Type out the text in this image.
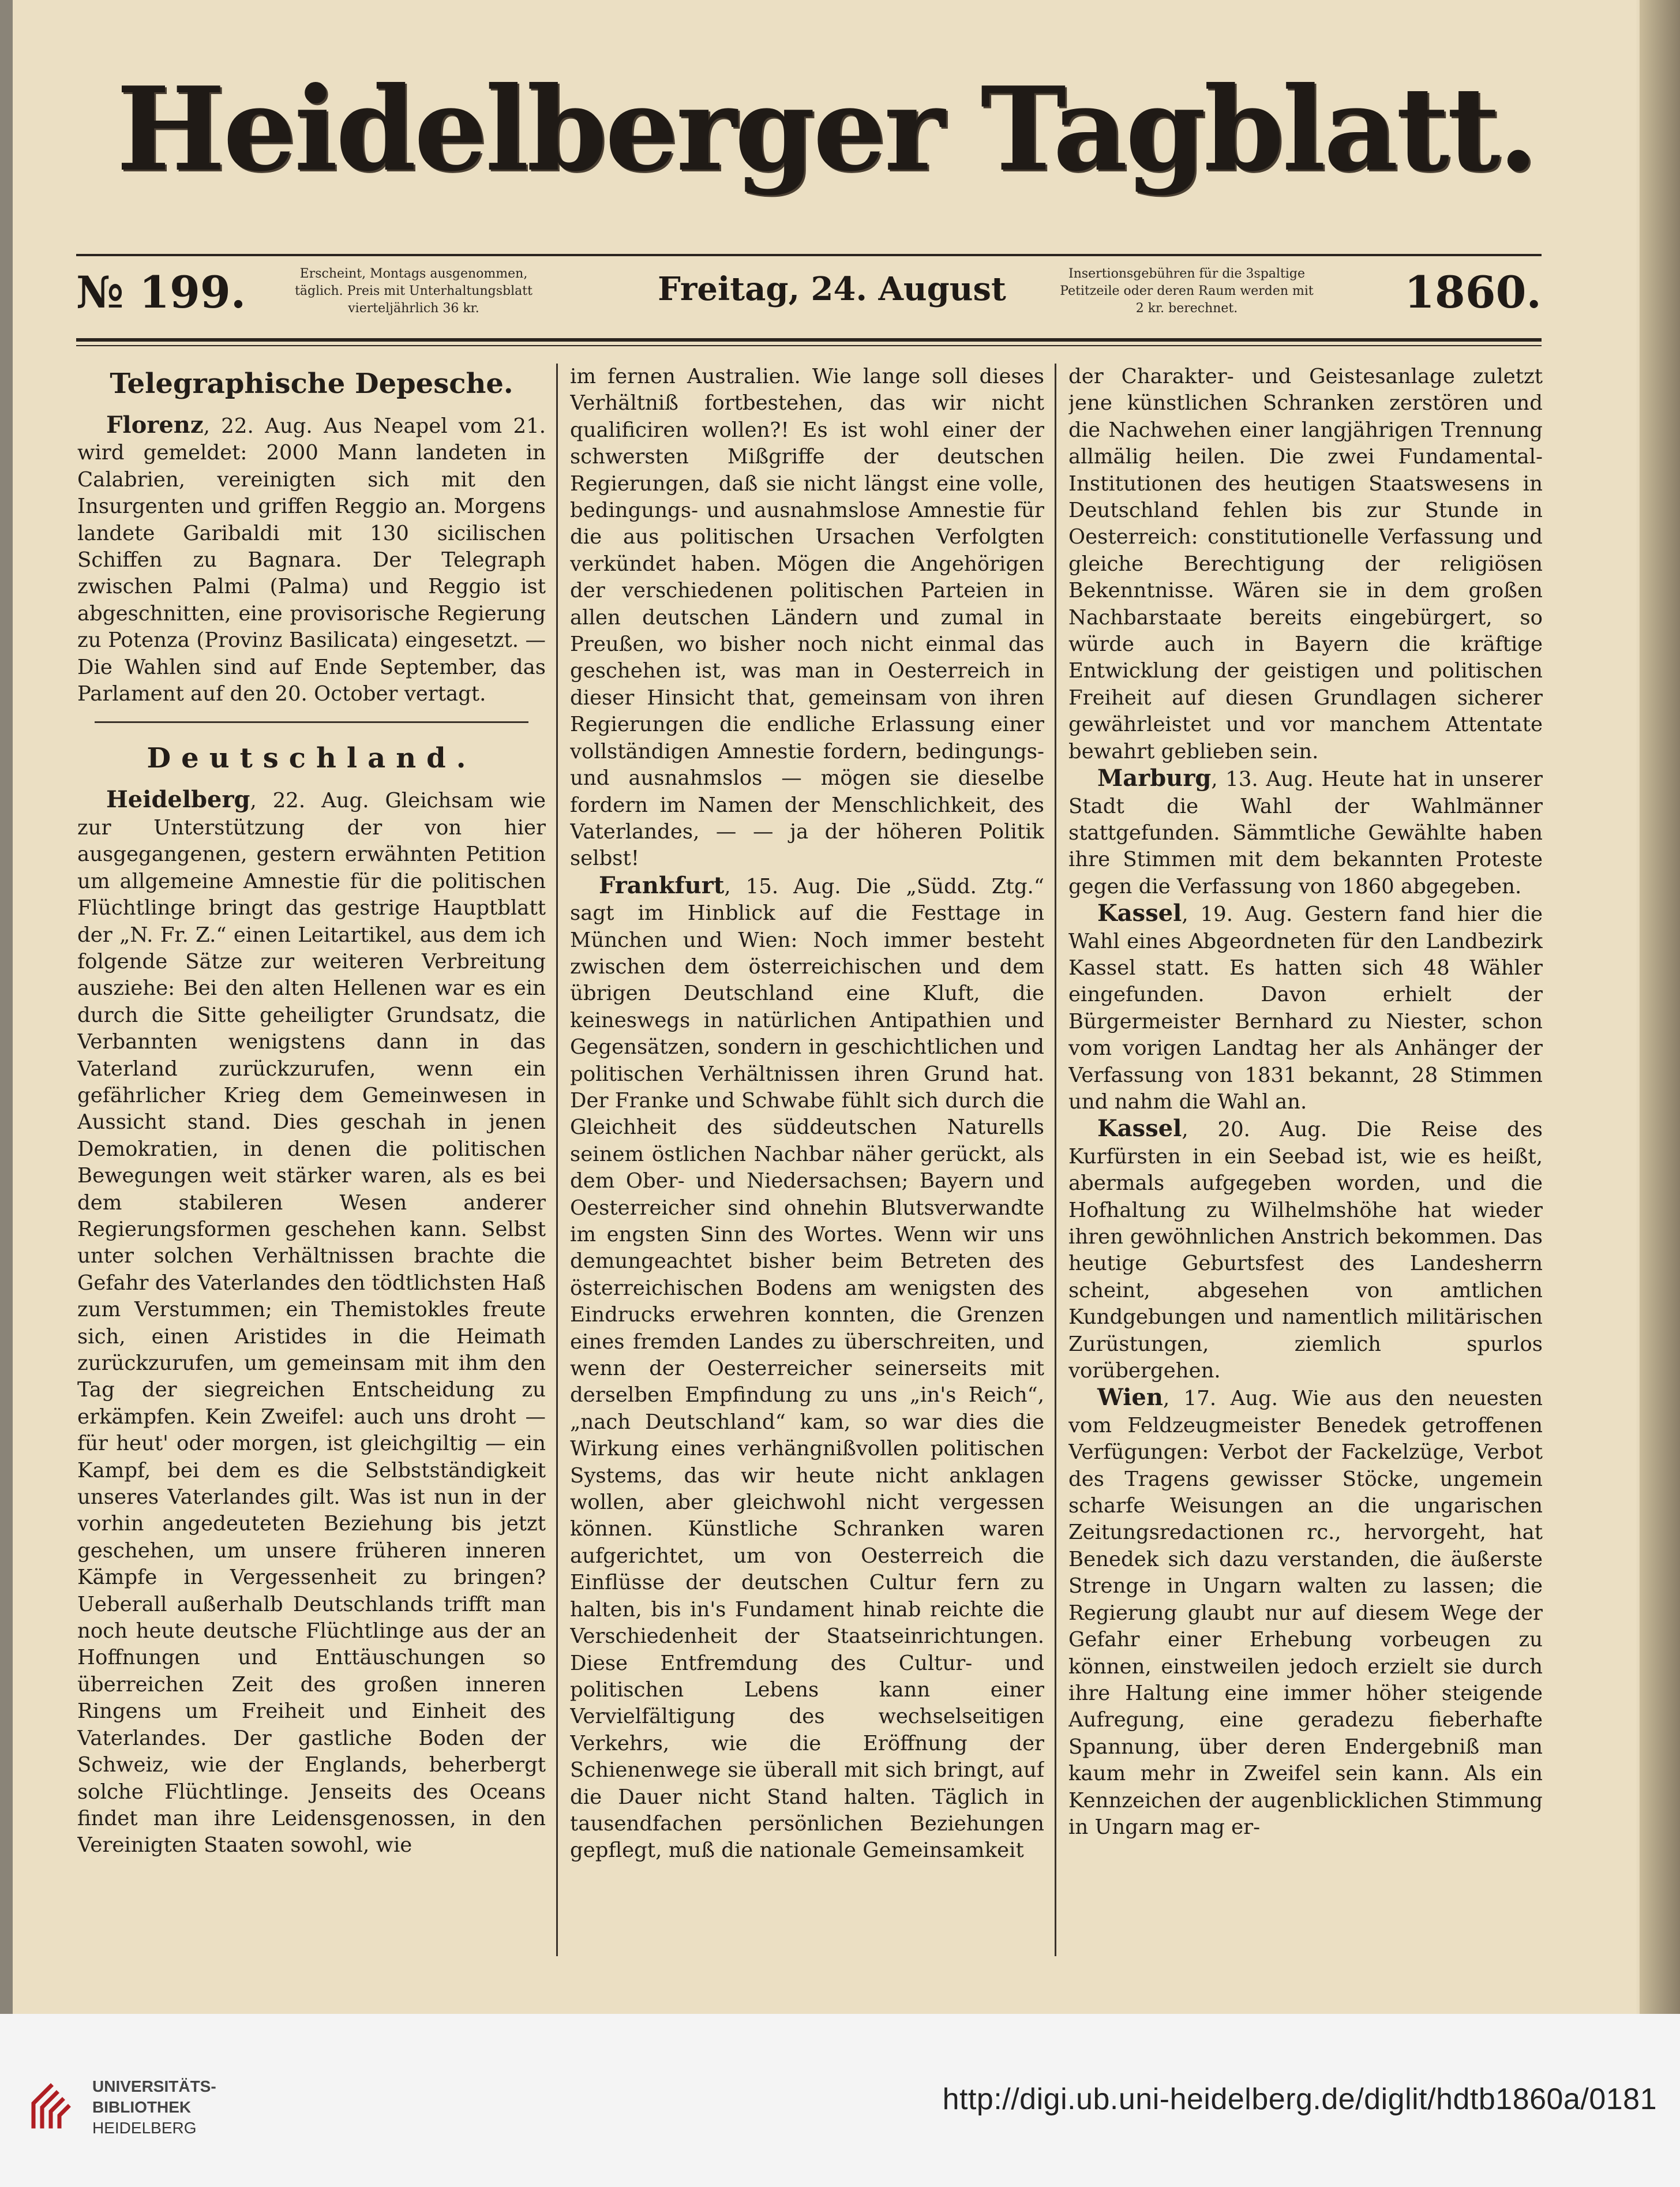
Heidelberger Tagblatt.
№ 199.	Erscheint, Montags ausgenommen, täglich. Preis mit Unterhaltungsblatt vierteljährlich 36 kr.
Freitag, 24. August	Insertionsgebühren für die 3spaltige Petitzeile oder deren Raum werden mit 2 kr. berechnet.	1860.
Telegraphische Depesche.

Florenz, 22. Aug. Aus Neapel vom 21. wird gemeldet: 2000 Mann landeten in Calabrien, vereinigten sich mit den Insurgenten und griffen Reggio an. Morgens landete Garibaldi mit 130 sicilischen Schiffen zu Bagnara. Der Telegraph zwischen Palmi (Palma) und Reggio ist abgeschnitten, eine provisorische Regierung zu Potenza (Provinz Basilicata) eingesetzt. — Die Wahlen sind auf Ende September, das Parlament auf den 20. October vertagt.

Deutschland.

Heidelberg, 22. Aug. Gleichsam wie zur Unterstützung der von hier ausgegangenen, gestern erwähnten Petition um allgemeine Amnestie für die politischen Flüchtlinge bringt das gestrige Hauptblatt der „N. Fr. Z.“ einen Leitartikel, aus dem ich folgende Sätze zur weiteren Verbreitung ausziehe: Bei den alten Hellenen war es ein durch die Sitte geheiligter Grundsatz, die Verbannten wenigstens dann in das Vaterland zurückzurufen, wenn ein gefährlicher Krieg dem Gemeinwesen in Aussicht stand. Dies geschah in jenen Demokratien, in denen die politischen Bewegungen weit stärker waren, als es bei dem stabileren Wesen anderer Regierungsformen geschehen kann. Selbst unter solchen Verhältnissen brachte die Gefahr des Vaterlandes den tödtlichsten Haß zum Verstummen; ein Themistokles freute sich, einen Aristides in die Heimath zurückzurufen, um gemeinsam mit ihm den Tag der siegreichen Entscheidung zu erkämpfen. Kein Zweifel: auch uns droht — für heut' oder morgen, ist gleichgiltig — ein Kampf, bei dem es die Selbstständigkeit unseres Vaterlandes gilt. Was ist nun in der vorhin angedeuteten Beziehung bis jetzt geschehen, um unsere früheren inneren Kämpfe in Vergessenheit zu bringen? Ueberall außerhalb Deutschlands trifft man noch heute deutsche Flüchtlinge aus der an Hoffnungen und Enttäuschungen so überreichen Zeit des großen inneren Ringens um Freiheit und Einheit des Vaterlandes. Der gastliche Boden der Schweiz, wie der Englands, beherbergt solche Flüchtlinge. Jenseits des Oceans findet man ihre Leidensgenossen, in den Vereinigten Staaten sowohl, wie

im fernen Australien. Wie lange soll dieses Verhältniß fortbestehen, das wir nicht qualificiren wollen?! Es ist wohl einer der schwersten Mißgriffe der deutschen Regierungen, daß sie nicht längst eine volle, bedingungs- und ausnahmslose Amnestie für die aus politischen Ursachen Verfolgten verkündet haben. Mögen die Angehörigen der verschiedenen politischen Parteien in allen deutschen Ländern und zumal in Preußen, wo bisher noch nicht einmal das geschehen ist, was man in Oesterreich in dieser Hinsicht that, gemeinsam von ihren Regierungen die endliche Erlassung einer vollständigen Amnestie fordern, bedingungs- und ausnahmslos — mögen sie dieselbe fordern im Namen der Menschlichkeit, des Vaterlandes, — — ja der höheren Politik selbst!

Frankfurt, 15. Aug. Die „Südd. Ztg.“ sagt im Hinblick auf die Festtage in München und Wien: Noch immer besteht zwischen dem österreichischen und dem übrigen Deutschland eine Kluft, die keineswegs in natürlichen Antipathien und Gegensätzen, sondern in geschichtlichen und politischen Verhältnissen ihren Grund hat. Der Franke und Schwabe fühlt sich durch die Gleichheit des süddeutschen Naturells seinem östlichen Nachbar näher gerückt, als dem Ober- und Niedersachsen; Bayern und Oesterreicher sind ohnehin Blutsverwandte im engsten Sinn des Wortes. Wenn wir uns demungeachtet bisher beim Betreten des österreichischen Bodens am wenigsten des Eindrucks erwehren konnten, die Grenzen eines fremden Landes zu überschreiten, und wenn der Oesterreicher seinerseits mit derselben Empfindung zu uns „in's Reich“, „nach Deutschland“ kam, so war dies die Wirkung eines verhängnißvollen politischen Systems, das wir heute nicht anklagen wollen, aber gleichwohl nicht vergessen können. Künstliche Schranken waren aufgerichtet, um von Oesterreich die Einflüsse der deutschen Cultur fern zu halten, bis in's Fundament hinab reichte die Verschiedenheit der Staatseinrichtungen. Diese Entfremdung des Cultur- und politischen Lebens kann einer Vervielfältigung des wechselseitigen Verkehrs, wie die Eröffnung der Schienenwege sie überall mit sich bringt, auf die Dauer nicht Stand halten. Täglich in tausendfachen persönlichen Beziehungen gepflegt, muß die nationale Gemeinsamkeit

der Charakter- und Geistesanlage zuletzt jene künstlichen Schranken zerstören und die Nachwehen einer langjährigen Trennung allmälig heilen. Die zwei Fundamental-Institutionen des heutigen Staatswesens in Deutschland fehlen bis zur Stunde in Oesterreich: constitutionelle Verfassung und gleiche Berechtigung der religiösen Bekenntnisse. Wären sie in dem großen Nachbarstaate bereits eingebürgert, so würde auch in Bayern die kräftige Entwicklung der geistigen und politischen Freiheit auf diesen Grundlagen sicherer gewährleistet und vor manchem Attentate bewahrt geblieben sein.

Marburg, 13. Aug. Heute hat in unserer Stadt die Wahl der Wahlmänner stattgefunden. Sämmtliche Gewählte haben ihre Stimmen mit dem bekannten Proteste gegen die Verfassung von 1860 abgegeben.

Kassel, 19. Aug. Gestern fand hier die Wahl eines Abgeordneten für den Landbezirk Kassel statt. Es hatten sich 48 Wähler eingefunden. Davon erhielt der Bürgermeister Bernhard zu Niester, schon vom vorigen Landtag her als Anhänger der Verfassung von 1831 bekannt, 28 Stimmen und nahm die Wahl an.

Kassel, 20. Aug. Die Reise des Kurfürsten in ein Seebad ist, wie es heißt, abermals aufgegeben worden, und die Hofhaltung zu Wilhelmshöhe hat wieder ihren gewöhnlichen Anstrich bekommen. Das heutige Geburtsfest des Landesherrn scheint, abgesehen von amtlichen Kundgebungen und namentlich militärischen Zurüstungen, ziemlich spurlos vorübergehen.

Wien, 17. Aug. Wie aus den neuesten vom Feldzeugmeister Benedek getroffenen Verfügungen: Verbot der Fackelzüge, Verbot des Tragens gewisser Stöcke, ungemein scharfe Weisungen an die ungarischen Zeitungsredactionen rc., hervorgeht, hat Benedek sich dazu verstanden, die äußerste Strenge in Ungarn walten zu lassen; die Regierung glaubt nur auf diesem Wege der Gefahr einer Erhebung vorbeugen zu können, einstweilen jedoch erzielt sie durch ihre Haltung eine immer höher steigende Aufregung, eine geradezu fieberhafte Spannung, über deren Endergebniß man kaum mehr in Zweifel sein kann. Als ein Kennzeichen der augenblicklichen Stimmung in Ungarn mag er-

UNIVERSITÄTS-
BIBLIOTHEK
HEIDELBERG
http://digi.ub.uni-heidelberg.de/diglit/hdtb1860a/0181
